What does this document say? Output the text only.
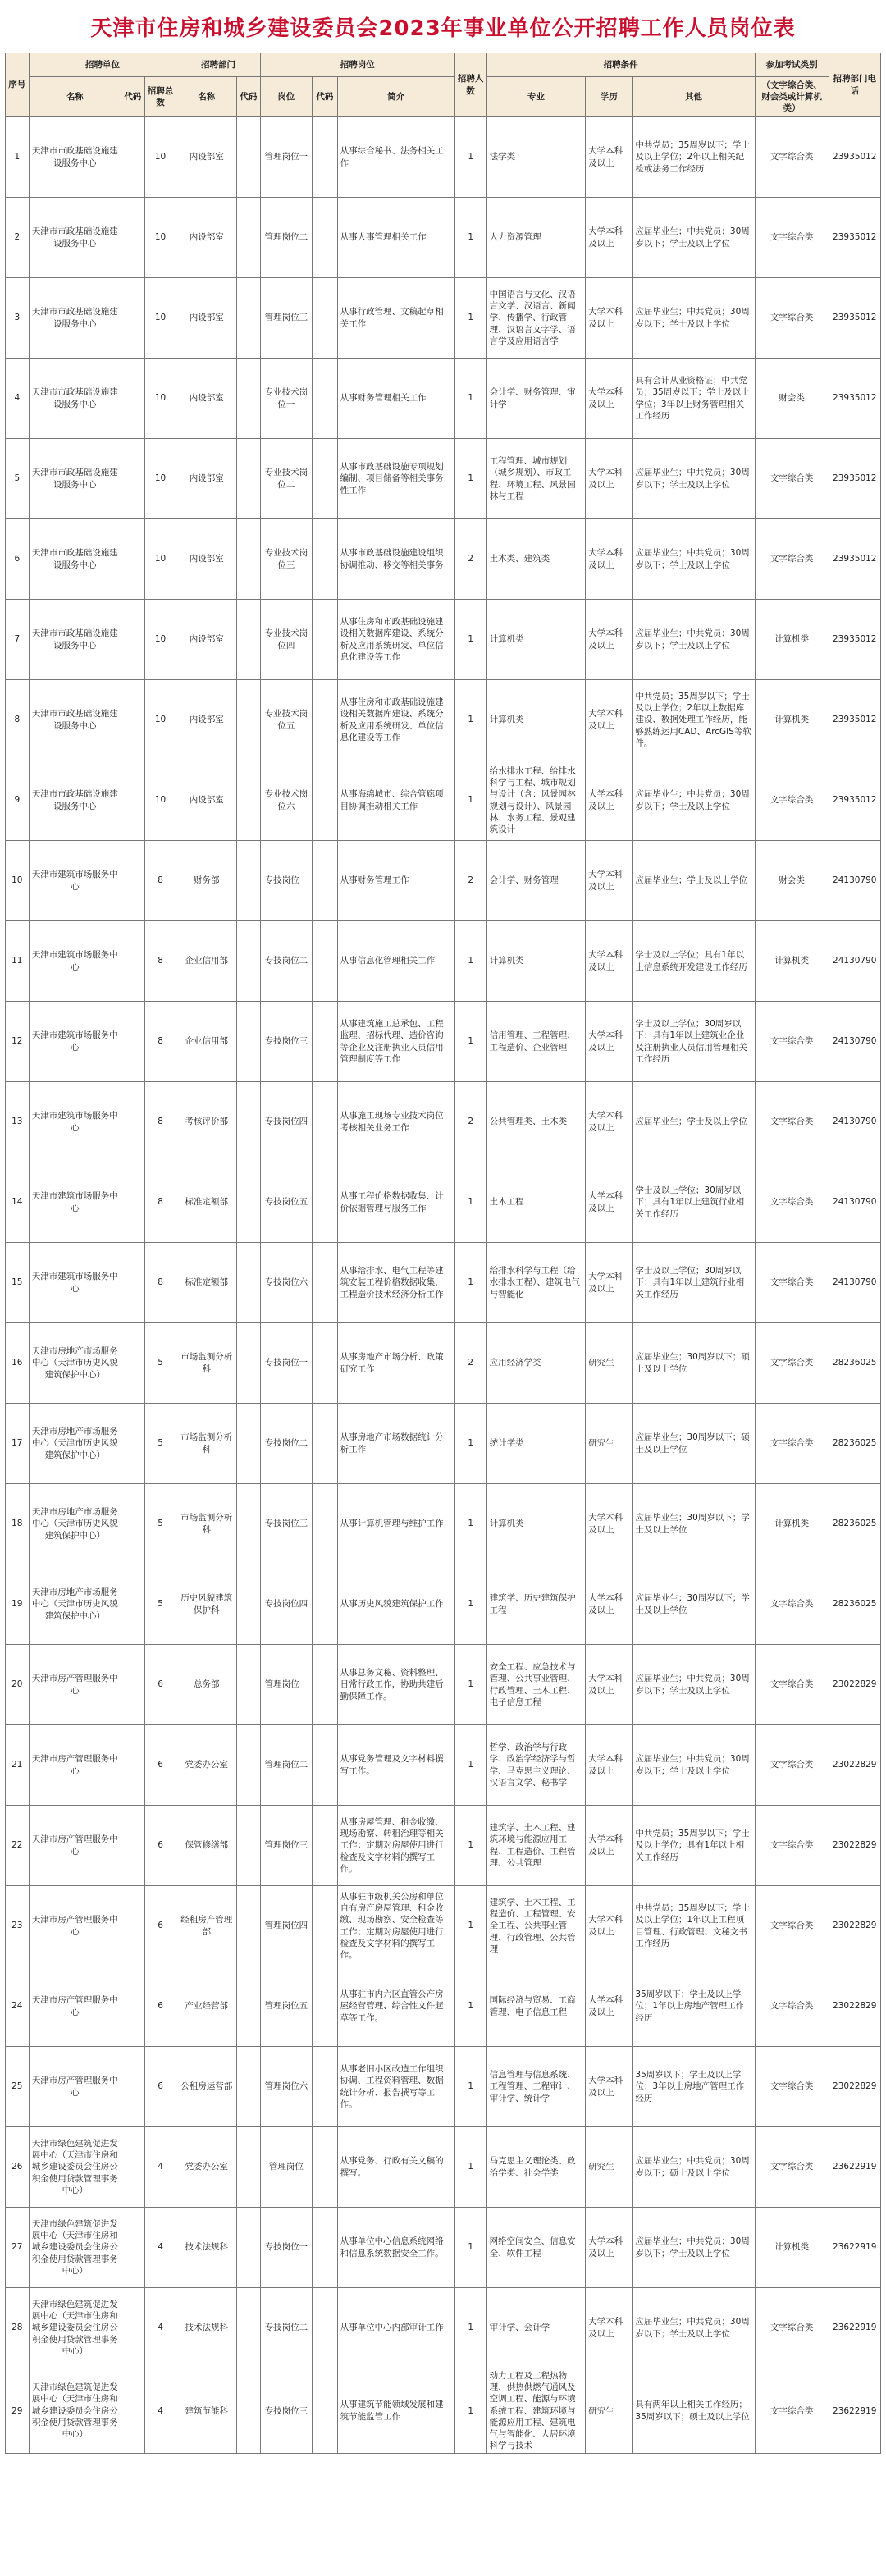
天津市住房和城乡建设委员会2023年事业单位公开招聘工作人员岗位表
序号	招聘单位			招聘部门		招聘岗位			招聘人数	招聘条件			参加考试类别	招聘部门电话
	名称	代码	招聘总数	名称	代码	岗位	代码	简介		专业	学历	其他	（文字综合类、财会类或计算机类）	
1	天津市市政基础设施建设服务中心		10	内设部室		管理岗位一		从事综合秘书、法务相关工作	1	法学类	大学本科及以上	中共党员；35周岁以下；学士及以上学位；2年以上相关纪检或法务工作经历	文字综合类	23935012
2	天津市市政基础设施建设服务中心		10	内设部室		管理岗位二		从事人事管理相关工作	1	人力资源管理	大学本科及以上	应届毕业生；中共党员；30周岁以下；学士及以上学位	文字综合类	23935012
3	天津市市政基础设施建设服务中心		10	内设部室		管理岗位三		从事行政管理、文稿起草相关工作	1	中国语言与文化、汉语言文学、汉语言、新闻学、传播学、行政管理、汉语言文字学、语言学及应用语言学	大学本科及以上	应届毕业生；中共党员；30周岁以下；学士及以上学位	文字综合类	23935012
4	天津市市政基础设施建设服务中心		10	内设部室		专业技术岗位一		从事财务管理相关工作	1	会计学、财务管理、审计学	大学本科及以上	具有会计从业资格证；中共党员；35周岁以下；学士及以上学位；3年以上财务管理相关工作经历	财会类	23935012
5	天津市市政基础设施建设服务中心		10	内设部室		专业技术岗位二		从事市政基础设施专项规划编制、项目储备等相关事务性工作	1	工程管理、城市规划（城乡规划）、市政工程、环境工程、风景园林与工程	大学本科及以上	应届毕业生；中共党员；30周岁以下；学士及以上学位	文字综合类	23935012
6	天津市市政基础设施建设服务中心		10	内设部室		专业技术岗位三		从事市政基础设施建设组织协调推动、移交等相关事务	2	土木类、建筑类	大学本科及以上	应届毕业生；中共党员；30周岁以下；学士及以上学位	文字综合类	23935012
7	天津市市政基础设施建设服务中心		10	内设部室		专业技术岗位四		从事住房和市政基础设施建设相关数据库建设、系统分析及应用系统研发、单位信息化建设等工作	1	计算机类	大学本科及以上	应届毕业生；中共党员；30周岁以下；学士及以上学位	计算机类	23935012
8	天津市市政基础设施建设服务中心		10	内设部室		专业技术岗位五		从事住房和市政基础设施建设相关数据库建设、系统分析及应用系统研发、单位信息化建设等工作	1	计算机类	大学本科及以上	中共党员；35周岁以下；学士及以上学位；2年以上数据库建设、数据处理工作经历，能够熟练运用CAD、ArcGIS等软件。	计算机类	23935012
9	天津市市政基础设施建设服务中心		10	内设部室		专业技术岗位六		从事海绵城市、综合管廊项目协调推动相关工作	1	给水排水工程、给排水科学与工程、城市规划与设计（含：风景园林规划与设计）、风景园林、水务工程、景观建筑设计	大学本科及以上	应届毕业生；中共党员；30周岁以下；学士及以上学位	文字综合类	23935012
10	天津市建筑市场服务中心		8	财务部		专技岗位一		从事财务管理工作	2	会计学、财务管理	大学本科及以上	应届毕业生；学士及以上学位	财会类	24130790
11	天津市建筑市场服务中心		8	企业信用部		专技岗位二		从事信息化管理相关工作	1	计算机类	大学本科及以上	学士及以上学位；具有1年以上信息系统开发建设工作经历	计算机类	24130790
12	天津市建筑市场服务中心		8	企业信用部		专技岗位三		从事建筑施工总承包、工程监理、招标代理、造价咨询等企业及注册执业人员信用管理制度等工作	1	信用管理、工程管理、工程造价、企业管理	大学本科及以上	学士及以上学位；30周岁以下；具有1年以上建筑业企业及注册执业人员信用管理相关工作经历	文字综合类	24130790
13	天津市建筑市场服务中心		8	考核评价部		专技岗位四		从事施工现场专业技术岗位考核相关业务工作	2	公共管理类、土木类	大学本科及以上	应届毕业生；学士及以上学位	文字综合类	24130790
14	天津市建筑市场服务中心		8	标准定额部		专技岗位五		从事工程价格数据收集、计价依据管理与服务工作	1	土木工程	大学本科及以上	学士及以上学位；30周岁以下；具有1年以上建筑行业相关工作经历	文字综合类	24130790
15	天津市建筑市场服务中心		8	标准定额部		专技岗位六		从事给排水、电气工程等建筑安装工程价格数据收集，工程造价技术经济分析工作	1	给排水科学与工程（给水排水工程）、建筑电气与智能化	大学本科及以上	学士及以上学位；30周岁以下；具有1年以上建筑行业相关工作经历	文字综合类	24130790
16	天津市房地产市场服务中心（天津市历史风貌建筑保护中心）		5	市场监测分析科		专技岗位一		从事房地产市场分析、政策研究工作	2	应用经济学类	研究生	应届毕业生；30周岁以下；硕士及以上学位	文字综合类	28236025
17	天津市房地产市场服务中心（天津市历史风貌建筑保护中心）		5	市场监测分析科		专技岗位二		从事房地产市场数据统计分析工作	1	统计学类	研究生	应届毕业生；30周岁以下；硕士及以上学位	文字综合类	28236025
18	天津市房地产市场服务中心（天津市历史风貌建筑保护中心）		5	市场监测分析科		专技岗位三		从事计算机管理与维护工作	1	计算机类	大学本科及以上	应届毕业生；30周岁以下；学士及以上学位	计算机类	28236025
19	天津市房地产市场服务中心（天津市历史风貌建筑保护中心）		5	历史风貌建筑保护科		专技岗位四		从事历史风貌建筑保护工作	1	建筑学、历史建筑保护工程	大学本科及以上	应届毕业生；30周岁以下；学士及以上学位	文字综合类	28236025
20	天津市房产管理服务中心		6	总务部		管理岗位一		从事总务文秘、资料整理、日常行政工作，协助共建后勤保障工作。	1	安全工程、应急技术与管理、公共事业管理、行政管理、土木工程、电子信息工程	大学本科及以上	应届毕业生；中共党员；30周岁以下；学士及以上学位	文字综合类	23022829
21	天津市房产管理服务中心		6	党委办公室		管理岗位二		从事党务管理及文字材料撰写工作。	1	哲学、政治学与行政学、政治学经济学与哲学、马克思主义理论、汉语言文学、秘书学	大学本科及以上	应届毕业生；中共党员；30周岁以下；学士及以上学位	文字综合类	23022829
22	天津市房产管理服务中心		6	保管修缮部		管理岗位三		从事房屋管理、租金收缴、现场勘察、转租治理等相关工作；定期对房屋使用进行检查及文字材料的撰写工作。	1	建筑学、土木工程、建筑环境与能源应用工程、工程造价、工程管理、公共管理	大学本科及以上	中共党员；35周岁以下；学士及以上学位；具有1年以上相关工作经历	文字综合类	23022829
23	天津市房产管理服务中心		6	经租房产管理部		管理岗位四		从事驻市级机关公房和单位自有房产房屋管理、租金收缴、现场勘察、安全检查等工作；定期对房屋使用进行检查及文字材料的撰写工作。	1	建筑学、土木工程、工程造价、工程管理、安全工程、公共事业管理、行政管理、公共管理	大学本科及以上	中共党员；35周岁以下；学士及以上学位；1年以上工程项目管理、行政管理、文秘文书工作经历	文字综合类	23022829
24	天津市房产管理服务中心		6	产业经营部		管理岗位五		从事驻市内六区直管公产房屋经营管理、综合性文件起草等工作。	1	国际经济与贸易、工商管理、电子信息工程	大学本科及以上	35周岁以下；学士及以上学位；1年以上房地产管理工作经历	文字综合类	23022829
25	天津市房产管理服务中心		6	公租房运营部		管理岗位六		从事老旧小区改造工作组织协调、工程资料管理、数据统计分析、报告撰写等工作。	1	信息管理与信息系统、工程管理、工程审计、审计学、统计学	大学本科及以上	35周岁以下；学士及以上学位；3年以上房地产管理工作经历	文字综合类	23022829
26	天津市绿色建筑促进发展中心（天津市住房和城乡建设委员会住房公积金使用贷款管理事务中心）		4	党委办公室		管理岗位		从事党务、行政有关文稿的撰写。	1	马克思主义理论类、政治学类、社会学类	研究生	应届毕业生；中共党员；30周岁以下；硕士及以上学位	文字综合类	23622919
27	天津市绿色建筑促进发展中心（天津市住房和城乡建设委员会住房公积金使用贷款管理事务中心）		4	技术法规科		专技岗位一		从事单位中心信息系统网络和信息系统数据安全工作。	1	网络空间安全、信息安全、软件工程	大学本科及以上	应届毕业生；中共党员；30周岁以下；学士及以上学位	计算机类	23622919
28	天津市绿色建筑促进发展中心（天津市住房和城乡建设委员会住房公积金使用贷款管理事务中心）		4	技术法规科		专技岗位二		从事单位中心内部审计工作	1	审计学、会计学	大学本科及以上	应届毕业生；中共党员；30周岁以下；学士及以上学位	文字综合类	23622919
29	天津市绿色建筑促进发展中心（天津市住房和城乡建设委员会住房公积金使用贷款管理事务中心）		4	建筑节能科		专技岗位三		从事建筑节能领域发展和建筑节能监管工作	1	动力工程及工程热物理、供热供燃气通风及空调工程、能源与环境系统工程、建筑环境与能源应用工程、建筑电气与智能化、人居环境科学与技术	研究生	具有两年以上相关工作经历；35周岁以下；硕士及以上学位	文字综合类	23622919
